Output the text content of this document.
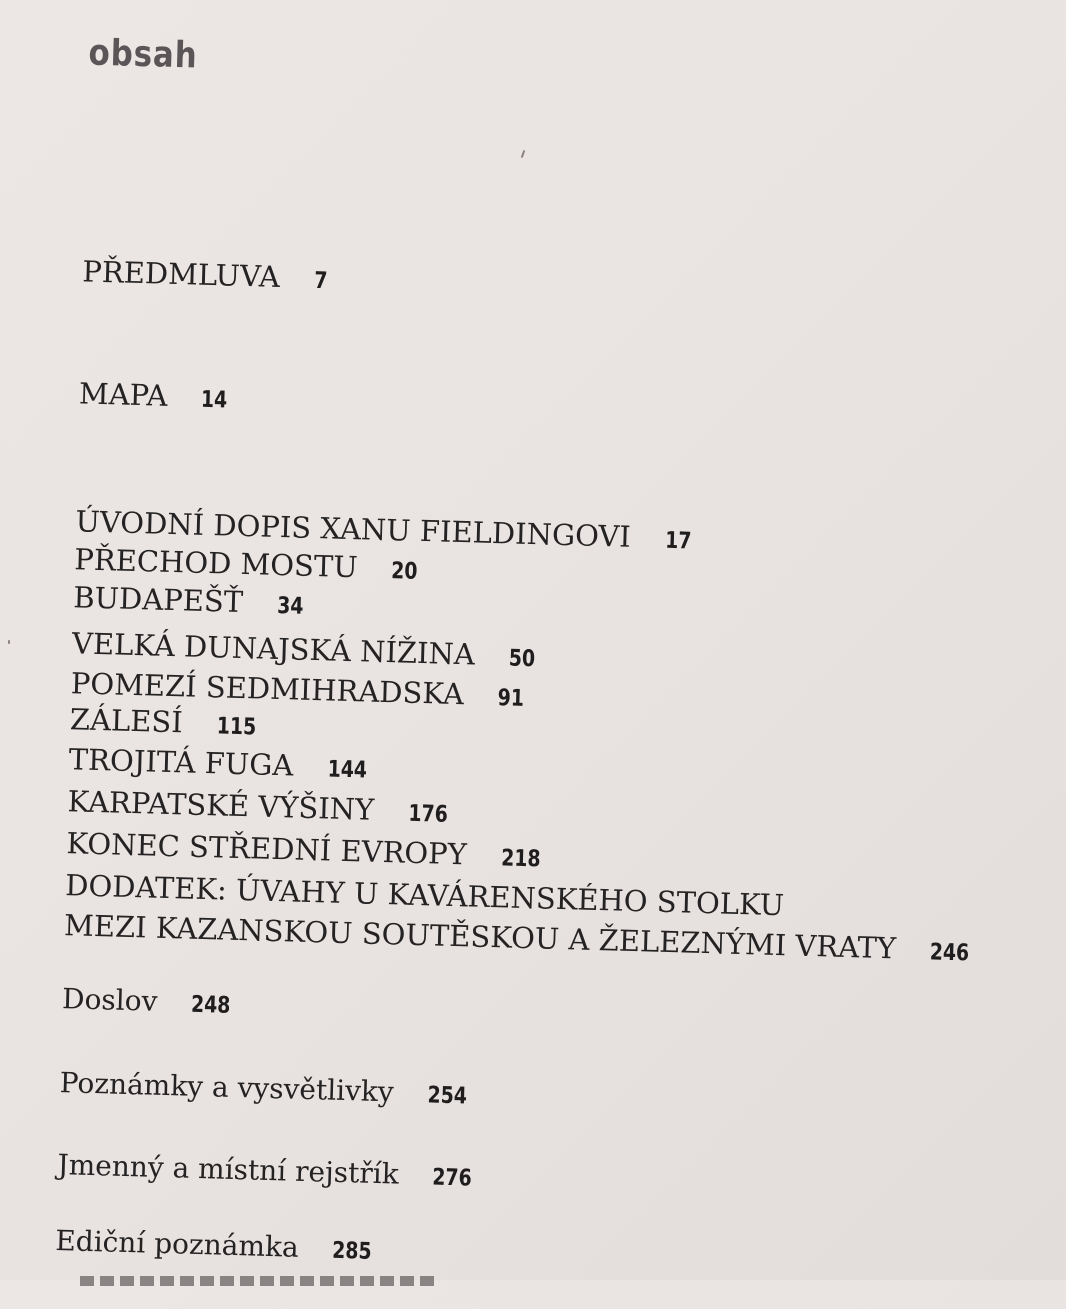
obsah
PŘEDMLUVA 7
MAPA 14
ÚVODNÍ DOPIS XANU FIELDINGOVI 17
PŘECHOD MOSTU 20
BUDAPEŠŤ 34
VELKÁ DUNAJSKÁ NÍŽINA 50
POMEZÍ SEDMIHRADSKA 91
ZÁLESÍ 115
TROJITÁ FUGA 144
KARPATSKÉ VÝŠINY 176
KONEC STŘEDNÍ EVROPY 218
DODATEK: ÚVAHY U KAVÁRENSKÉHO STOLKU
MEZI KAZANSKOU SOUTĚSKOU A ŽELEZNÝMI VRATY 246
Doslov 248
Poznámky a vysvětlivky 254
Jmenný a místní rejstřík 276
Ediční poznámka 285
